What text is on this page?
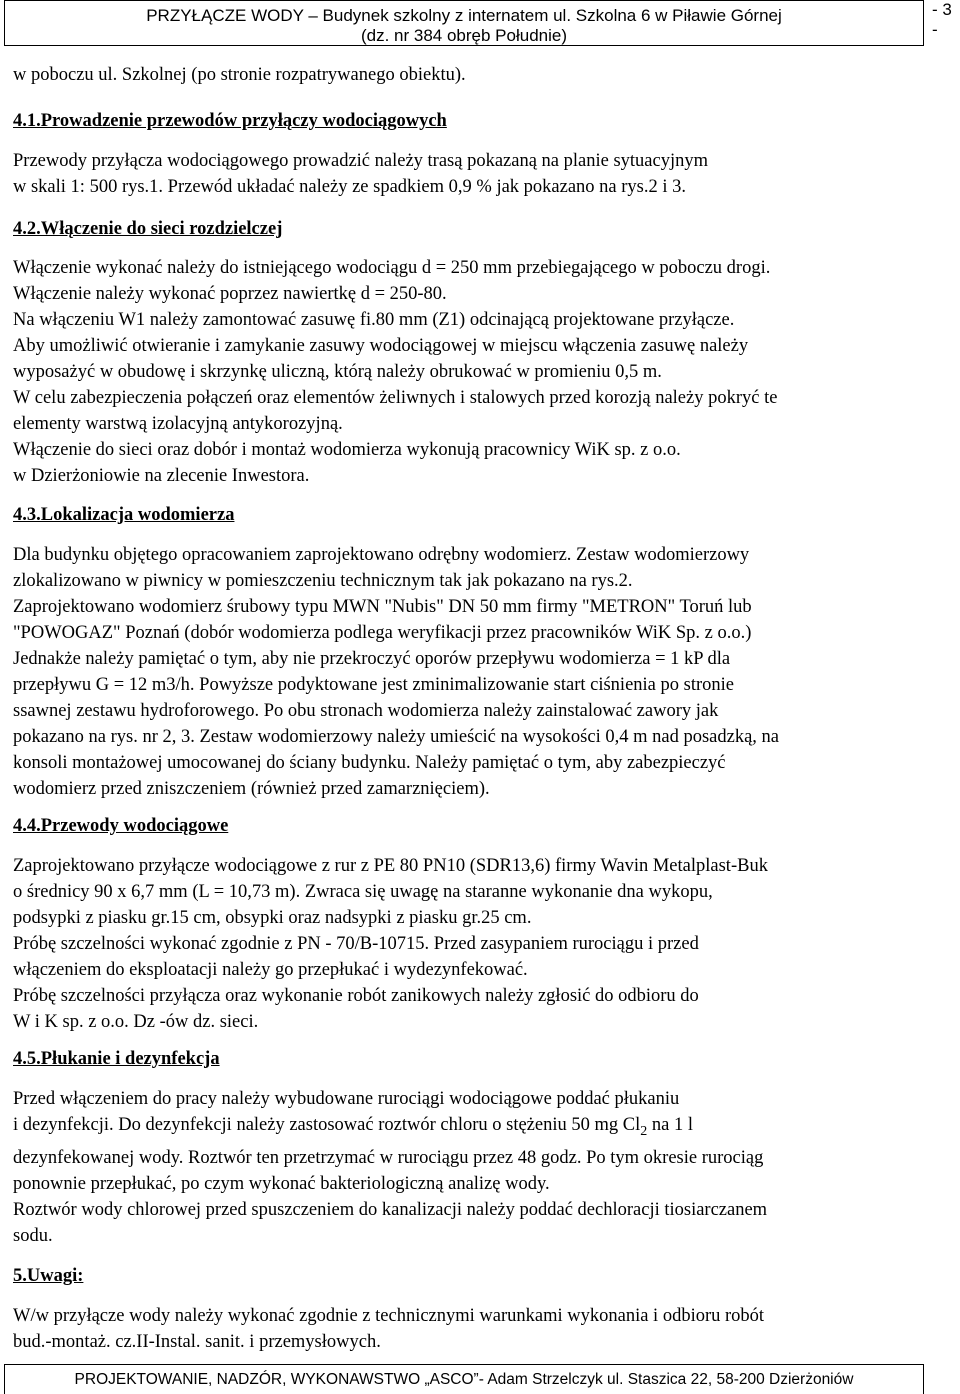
PRZYŁĄCZE WODY – Budynek szkolny z internatem ul. Szkolna 6 w Piławie Górnej
(dz. nr 384 obręb Południe)
- 3 -
w poboczu ul. Szkolnej (po stronie rozpatrywanego obiektu).
4.1.Prowadzenie przewodów przyłączy wodociągowych
Przewody przyłącza wodociągowego prowadzić należy trasą pokazaną na planie sytuacyjnym
w skali 1: 500 rys.1. Przewód układać należy ze spadkiem 0,9 % jak pokazano na rys.2 i 3.
4.2.Włączenie do sieci rozdzielczej
Włączenie wykonać należy do istniejącego wodociągu d = 250 mm przebiegającego w poboczu drogi.
Włączenie należy wykonać poprzez nawiertkę d = 250-80.
Na włączeniu W1 należy zamontować zasuwę fi.80 mm (Z1) odcinającą projektowane przyłącze.
Aby umożliwić otwieranie i zamykanie zasuwy wodociągowej w miejscu włączenia zasuwę należy
wyposażyć w obudowę i skrzynkę uliczną, którą należy obrukować w promieniu 0,5 m.
W celu zabezpieczenia połączeń oraz elementów żeliwnych i stalowych przed korozją należy pokryć te
elementy warstwą izolacyjną antykorozyjną.
Włączenie do sieci oraz dobór i montaż wodomierza wykonują pracownicy WiK sp. z o.o.
w Dzierżoniowie na zlecenie Inwestora.
4.3.Lokalizacja wodomierza
Dla budynku objętego opracowaniem zaprojektowano odrębny wodomierz. Zestaw wodomierzowy
zlokalizowano w piwnicy w pomieszczeniu technicznym tak jak pokazano na rys.2.
Zaprojektowano wodomierz śrubowy typu MWN "Nubis" DN 50 mm firmy "METRON" Toruń lub
"POWOGAZ" Poznań (dobór wodomierza podlega weryfikacji przez pracowników WiK Sp. z o.o.)
Jednakże należy pamiętać o tym, aby nie przekroczyć oporów przepływu wodomierza = 1 kP dla
przepływu G = 12 m3/h. Powyższe podyktowane jest zminimalizowanie start ciśnienia po stronie
ssawnej zestawu hydroforowego. Po obu stronach wodomierza należy zainstalować zawory jak
pokazano na rys. nr 2, 3. Zestaw wodomierzowy należy umieścić na wysokości 0,4 m nad posadzką, na
konsoli montażowej umocowanej do ściany budynku. Należy pamiętać o tym, aby zabezpieczyć
wodomierz przed zniszczeniem (również przed zamarznięciem).
4.4.Przewody wodociągowe
Zaprojektowano przyłącze wodociągowe z rur z PE 80 PN10 (SDR13,6) firmy Wavin Metalplast-Buk
o średnicy 90 x 6,7 mm (L = 10,73 m). Zwraca się uwagę na staranne wykonanie dna wykopu,
podsypki z piasku gr.15 cm, obsypki oraz nadsypki z piasku gr.25 cm.
Próbę szczelności wykonać zgodnie z PN - 70/B-10715. Przed zasypaniem rurociągu i przed
włączeniem do eksploatacji należy go przepłukać i wydezynfekować.
Próbę szczelności przyłącza oraz wykonanie robót zanikowych należy zgłosić do odbioru do
W i K sp. z o.o. Dz -ów dz. sieci.
4.5.Płukanie i dezynfekcja
Przed włączeniem do pracy należy wybudowane rurociągi wodociągowe poddać płukaniu
i dezynfekcji. Do dezynfekcji należy zastosować roztwór chloru o stężeniu 50 mg $Cl_2$ na 1 l
dezynfekowanej wody. Roztwór ten przetrzymać w rurociągu przez 48 godz. Po tym okresie rurociąg
ponownie przepłukać, po czym wykonać bakteriologiczną analizę wody.
Roztwór wody chlorowej przed spuszczeniem do kanalizacji należy poddać dechloracji tiosiarczanem
sodu.
5.Uwagi:
W/w przyłącze wody należy wykonać zgodnie z technicznymi warunkami wykonania i odbioru robót
bud.-montaż. cz.II-Instal. sanit. i przemysłowych.
PROJEKTOWANIE, NADZÓR, WYKONAWSTWO „ASCO”- Adam Strzelczyk ul. Staszica 22, 58-200 Dzierżoniów
